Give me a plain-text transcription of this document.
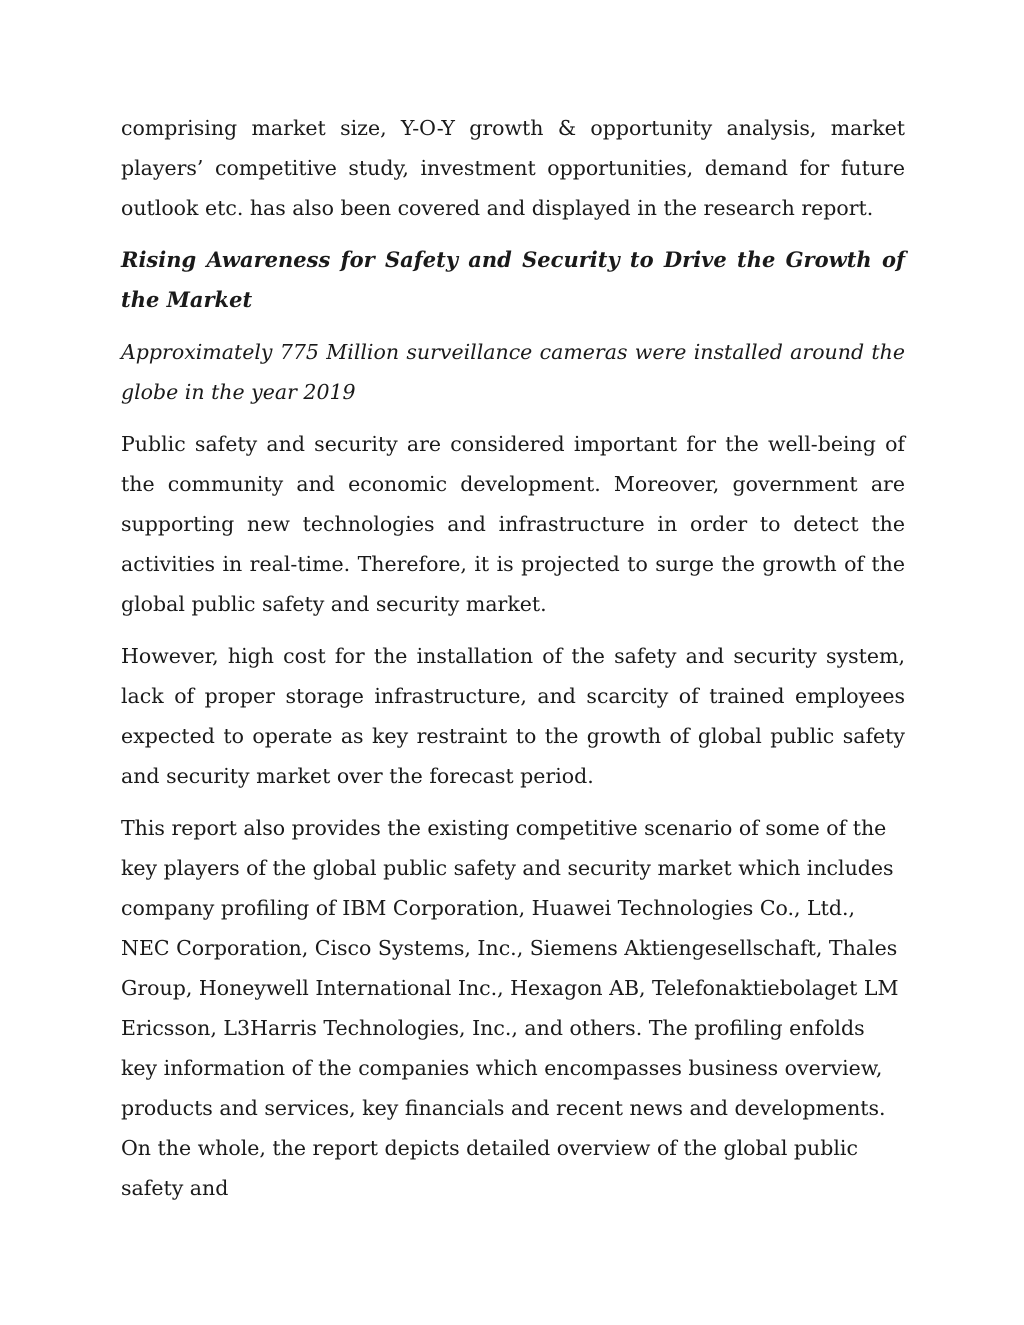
comprising market size, Y-O-Y growth & opportunity analysis, market players’ competitive study, investment opportunities, demand for future outlook etc. has also been covered and displayed in the research report.

Rising Awareness for Safety and Security to Drive the Growth of the Market

Approximately 775 Million surveillance cameras were installed around the globe in the year 2019

Public safety and security are considered important for the well-being of the community and economic development. Moreover, government are supporting new technologies and infrastructure in order to detect the activities in real-time. Therefore, it is projected to surge the growth of the global public safety and security market.

However, high cost for the installation of the safety and security system, lack of proper storage infrastructure, and scarcity of trained employees expected to operate as key restraint to the growth of global public safety and security market over the forecast period.

This report also provides the existing competitive scenario of some of the key players of the global public safety and security market which includes company profiling of IBM Corporation, Huawei Technologies Co., Ltd., NEC Corporation, Cisco Systems, Inc., Siemens Aktiengesellschaft, Thales Group, Honeywell International Inc., Hexagon AB, Telefonaktiebolaget LM Ericsson, L3Harris Technologies, Inc., and others. The profiling enfolds key information of the companies which encompasses business overview, products and services, key financials and recent news and developments. On the whole, the report depicts detailed overview of the global public safety and
